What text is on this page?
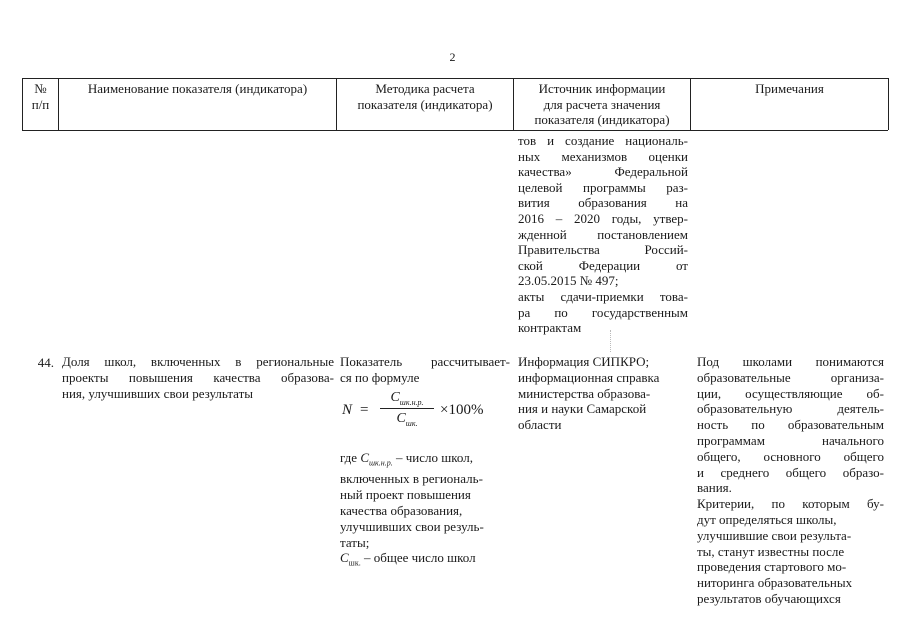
2
№
п/п
Наименование показателя (индикатора)	Методика расчета
показателя (индикатора)
Источник информации
для расчета значения
показателя (индикатора)
Примечания
тов и создание националь-
ных механизмов оценки
качества» Федеральной
целевой программы раз-
вития образования на
2016 – 2020 годы, утвер-
жденной постановлением
Правительства Россий-
ской Федерации от
23.05.2015 № 497;
акты сдачи-приемки това-
ра по государственным
контрактам
44. Доля школ, включенных в региональные
проекты повышения качества образова-
ния, улучшивших свои результаты
Показатель рассчитывает-
ся по формуле
N =
$C_{шк.н.р.}$
$C_{шк.}$
×100%
где $C_{шк.н.р.}$ – число школ,
включенных в региональ-
ный проект повышения
качества образования,
улучшивших свои резуль-
таты;
$C_{шк.}$ – общее число школ
Информация СИПКРО;
информационная справка
министерства образова-
ния и науки Самарской
области
Под школами понимаются
образовательные организа-
ции, осуществляющие об-
образовательную деятель-
ность по образовательным
программам начального
общего, основного общего
и среднего общего образо-
вания.
Критерии, по которым бу-
дут определяться школы,
улучшившие свои результа-
ты, станут известны после
проведения стартового мо-
ниторинга образовательных
результатов обучающихся
